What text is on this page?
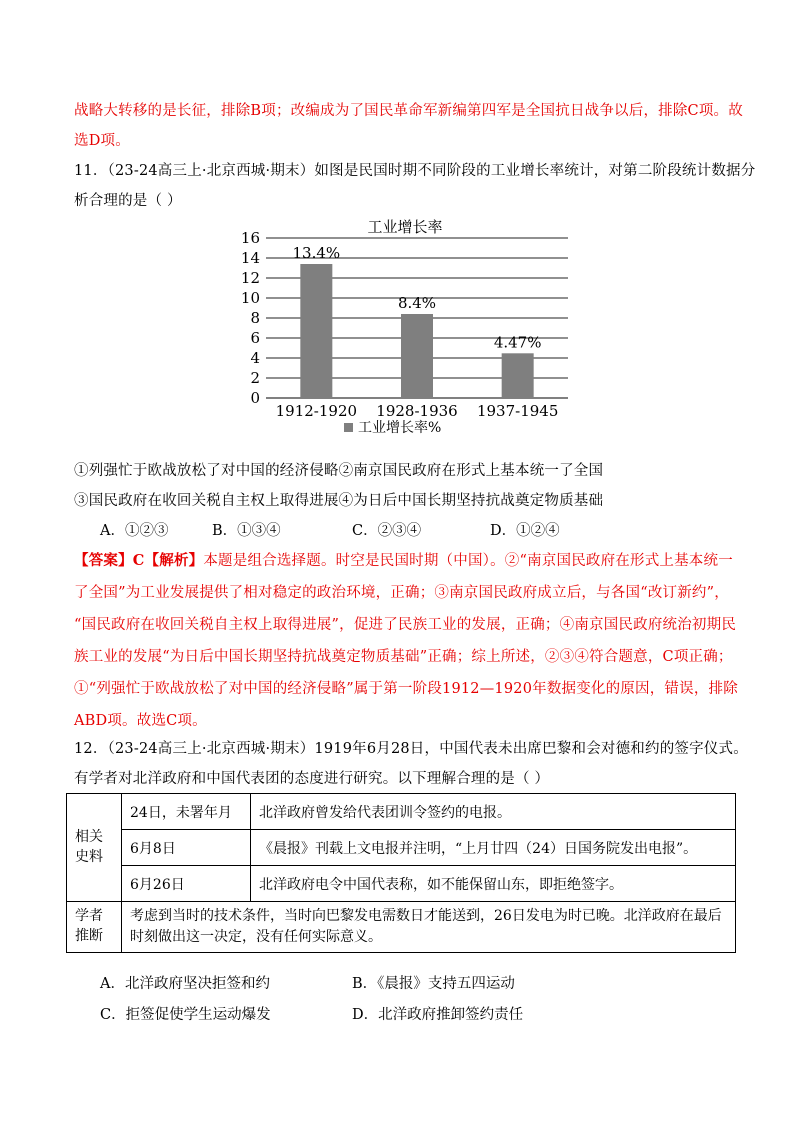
战略大转移的是长征，排除B项；改编成为了国民革命军新编第四军是全国抗日战争以后，排除C项。故
选D项。
11．（23-24高三上·北京西城·期末）如图是民国时期不同阶段的工业增长率统计，对第二阶段统计数据分
析合理的是（ ）
工业增长率
0
2
4
6
8
10
12
14
16
1912-1920 1928-1936 1937-1945
13.4%
8.4%
4.47%
工业增长率%
①列强忙于欧战放松了对中国的经济侵略②南京国民政府在形式上基本统一了全国
③国民政府在收回关税自主权上取得进展④为日后中国长期坚持抗战奠定物质基础
A．①②③	B．①③④	C．②③④	D．①②④
【答案】C【解析】本题是组合选择题。时空是民国时期（中国）。②“南京国民政府在形式上基本统一
了全国”为工业发展提供了相对稳定的政治环境，正确；③南京国民政府成立后，与各国“改订新约”，
“国民政府在收回关税自主权上取得进展”，促进了民族工业的发展，正确；④南京国民政府统治初期民
族工业的发展“为日后中国长期坚持抗战奠定物质基础”正确；综上所述，②③④符合题意，C项正确；
①“列强忙于欧战放松了对中国的经济侵略”属于第一阶段1912—1920年数据变化的原因，错误，排除
ABD项。故选C项。
12．（23-24高三上·北京西城·期末）1919年6月28日，中国代表未出席巴黎和会对德和约的签字仪式。
有学者对北洋政府和中国代表团的态度进行研究。以下理解合理的是（ ）
相关史料	24日，未署年月	北洋政府曾发给代表团训令签约的电报。
	6月8日	《晨报》刊载上文电报并注明，“上月廿四（24）日国务院发出电报”。
	6月26日	北洋政府电令中国代表称，如不能保留山东，即拒绝签字。
学者推断	考虑到当时的技术条件，当时向巴黎发电需数日才能送到，26日发电为时已晚。北洋政府在最后时刻做出这一决定，没有任何实际意义。	
A．北洋政府坚决拒签和约	B．《晨报》支持五四运动
C．拒签促使学生运动爆发	D．北洋政府推卸签约责任
